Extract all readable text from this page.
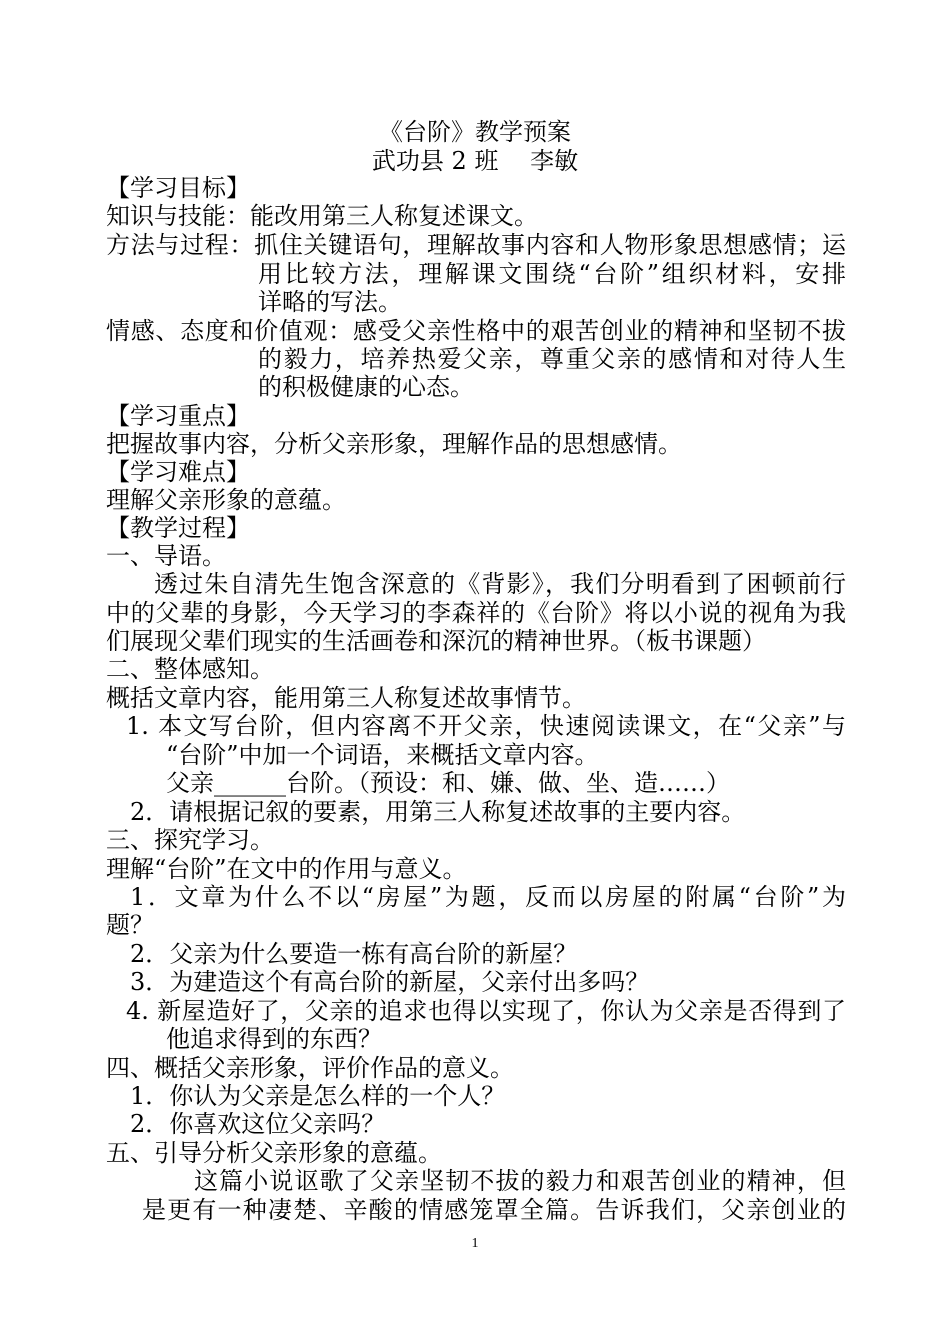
《台阶》教学预案
武功县 2 班　 李敏
【学习目标】
知识与技能：能改用第三人称复述课文。
方法与过程：抓住关键语句，理解故事内容和人物形象思想感情；运
用比较方法，理解课文围绕“台阶”组织材料，安排
详略的写法。
情感、态度和价值观：感受父亲性格中的艰苦创业的精神和坚韧不拔
的毅力，培养热爱父亲，尊重父亲的感情和对待人生
的积极健康的心态。
【学习重点】
把握故事内容，分析父亲形象，理解作品的思想感情。
【学习难点】
理解父亲形象的意蕴。
【教学过程】
一、导语。
透过朱自清先生饱含深意的《背影》，我们分明看到了困顿前行
中的父辈的身影，今天学习的李森祥的《台阶》将以小说的视角为我
们展现父辈们现实的生活画卷和深沉的精神世界。（板书课题）
二、整体感知。
概括文章内容，能用第三人称复述故事情节。
1. 本文写台阶，但内容离不开父亲，快速阅读课文，在“父亲”与
“台阶”中加一个词语，来概括文章内容。
父亲______台阶。（预设：和、嫌、做、坐、造……）
2．请根据记叙的要素，用第三人称复述故事的主要内容。
三、探究学习。
理解“台阶”在文中的作用与意义。
1．文章为什么不以“房屋”为题，反而以房屋的附属“台阶”为
题？
2．父亲为什么要造一栋有高台阶的新屋？
3．为建造这个有高台阶的新屋，父亲付出多吗？
4. 新屋造好了，父亲的追求也得以实现了，你认为父亲是否得到了
他追求得到的东西？
四、概括父亲形象，评价作品的意义。
1．你认为父亲是怎么样的一个人？
2．你喜欢这位父亲吗？
五、引导分析父亲形象的意蕴。
这篇小说讴歌了父亲坚韧不拔的毅力和艰苦创业的精神，但
是更有一种凄楚、辛酸的情感笼罩全篇。告诉我们，父亲创业的
1
